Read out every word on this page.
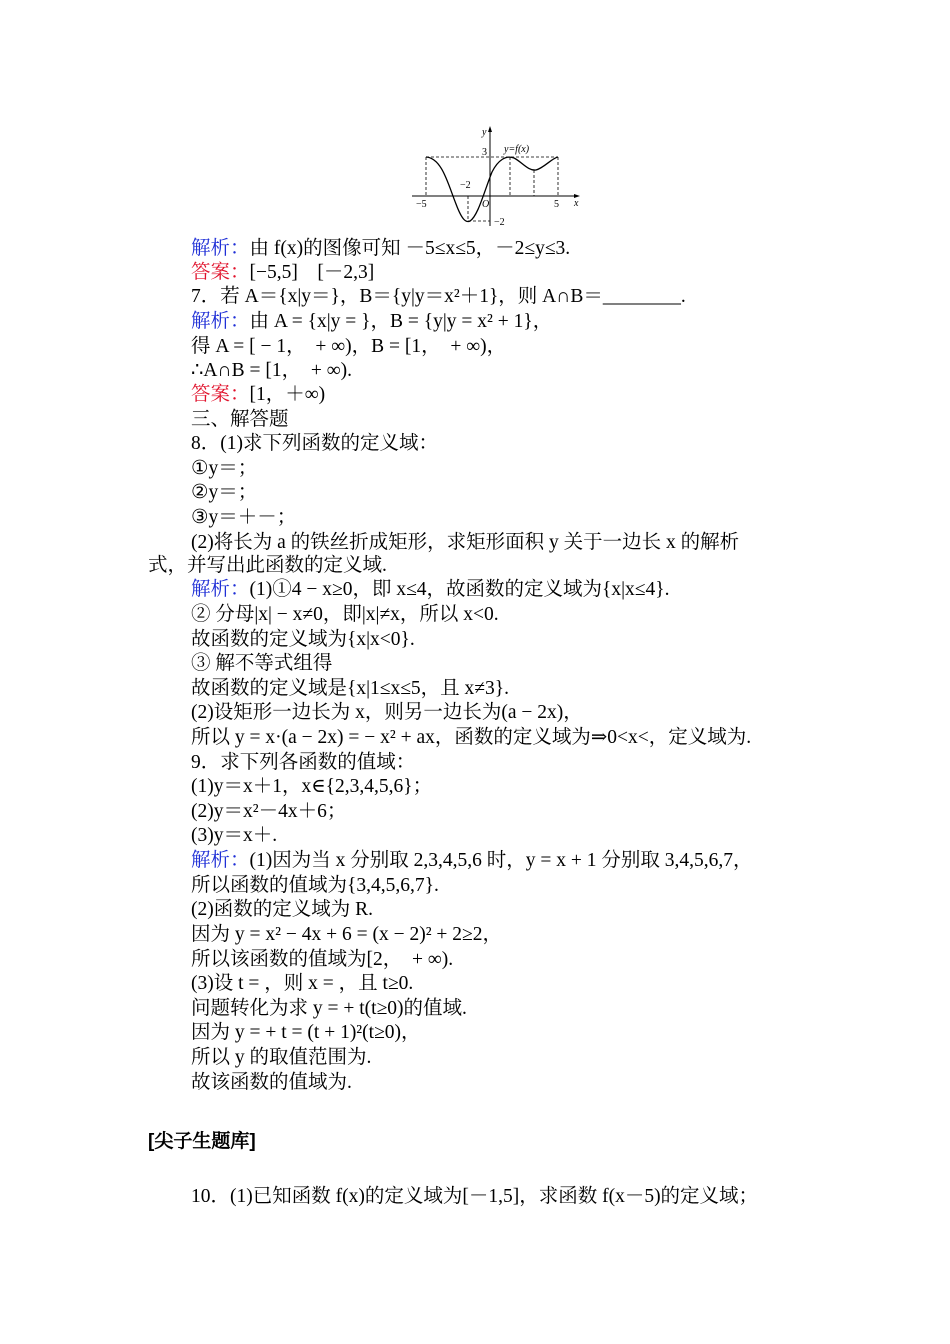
y
x
y=f(x)
3
−2
−5	5
O
−2
解析：由 f(x)的图像可知 －5≤x≤5，－2≤y≤3.
答案：[−5,5]　[－2,3]
7．若 A＝{x|y＝}，B＝{y|y＝x²＋1}，则 A∩B＝________.
解析：由 A = {x|y = }，B = {y|y = x² + 1}，
得 A = [ − 1，　+ ∞)，B = [1，　+ ∞)，
∴A∩B = [1，　+ ∞).
答案：[1，＋∞)
三、解答题
8．(1)求下列函数的定义域：
①y＝；
②y＝；
③y＝＋－；
(2)将长为 a 的铁丝折成矩形，求矩形面积 y 关于一边长 x 的解析
式，并写出此函数的定义域.
解析：(1)①4 − x≥0，即 x≤4，故函数的定义域为{x|x≤4}.
② 分母|x| − x≠0，即|x|≠x，所以 x<0.
故函数的定义域为{x|x<0}.
③ 解不等式组得
故函数的定义域是{x|1≤x≤5，且 x≠3}.
(2)设矩形一边长为 x，则另一边长为(a − 2x)，
所以 y = x·(a − 2x) = − x² + ax，函数的定义域为⇒0<x<，定义域为.
9．求下列各函数的值域：
(1)y＝x＋1，x∈{2,3,4,5,6}；
(2)y＝x²－4x＋6；
(3)y＝x＋.
解析：(1)因为当 x 分别取 2,3,4,5,6 时，y = x + 1 分别取 3,4,5,6,7，
所以函数的值域为{3,4,5,6,7}.
(2)函数的定义域为 R.
因为 y = x² − 4x + 6 = (x − 2)² + 2≥2，
所以该函数的值域为[2，　+ ∞).
(3)设 t = ，则 x = ，且 t≥0.
问题转化为求 y = + t(t≥0)的值域.
因为 y = + t = (t + 1)²(t≥0)，
所以 y 的取值范围为.
故该函数的值域为.
[尖子生题库]
10．(1)已知函数 f(x)的定义域为[－1,5]，求函数 f(x－5)的定义域；
